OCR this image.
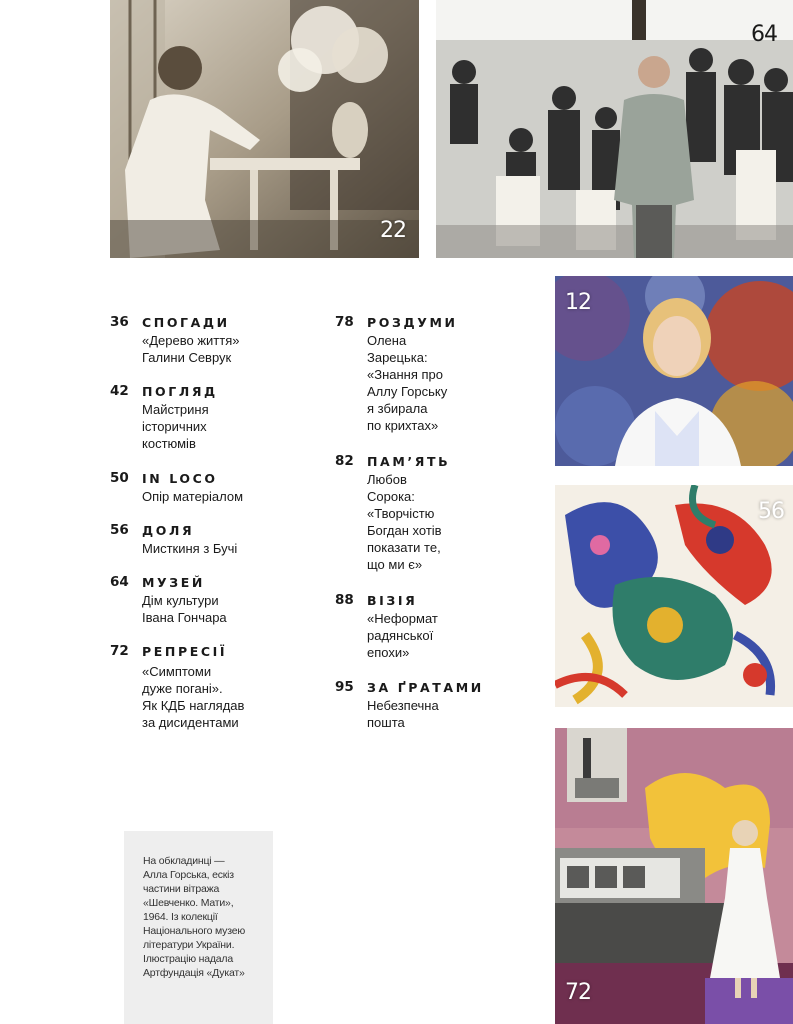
22
64
12
56
72
36 СПОГАДИ
«Дерево життя»
Галини Севрук
42 ПОГЛЯД
Майстриня
історичних
костюмів
50 IN LOCO
Опір матеріалом
56 ДОЛЯ
Мисткиня з Бучі
64 МУЗЕЙ
Дім культури
Івана Гончара
72 РЕПРЕСІЇ
«Симптоми
дуже погані».
Як КДБ наглядав
за дисидентами
78 РОЗДУМИ
Олена
Зарецька:
«Знання про
Аллу Горську
я збирала
по крихтах»
82 ПАМ’ЯТЬ
Любов
Сорока:
«Творчістю
Богдан хотів
показати те,
що ми є»
88 ВІЗІЯ
«Неформат
радянської
епохи»
95 ЗА ҐРАТАМИ
Небезпечна
пошта
На обкладинці —
Алла Горська, ескіз
частини вітража
«Шевченко. Мати»,
1964. Із колекції
Національного музею
літератури України.
Ілюстрацію надала
Артфундація «Дукат»
